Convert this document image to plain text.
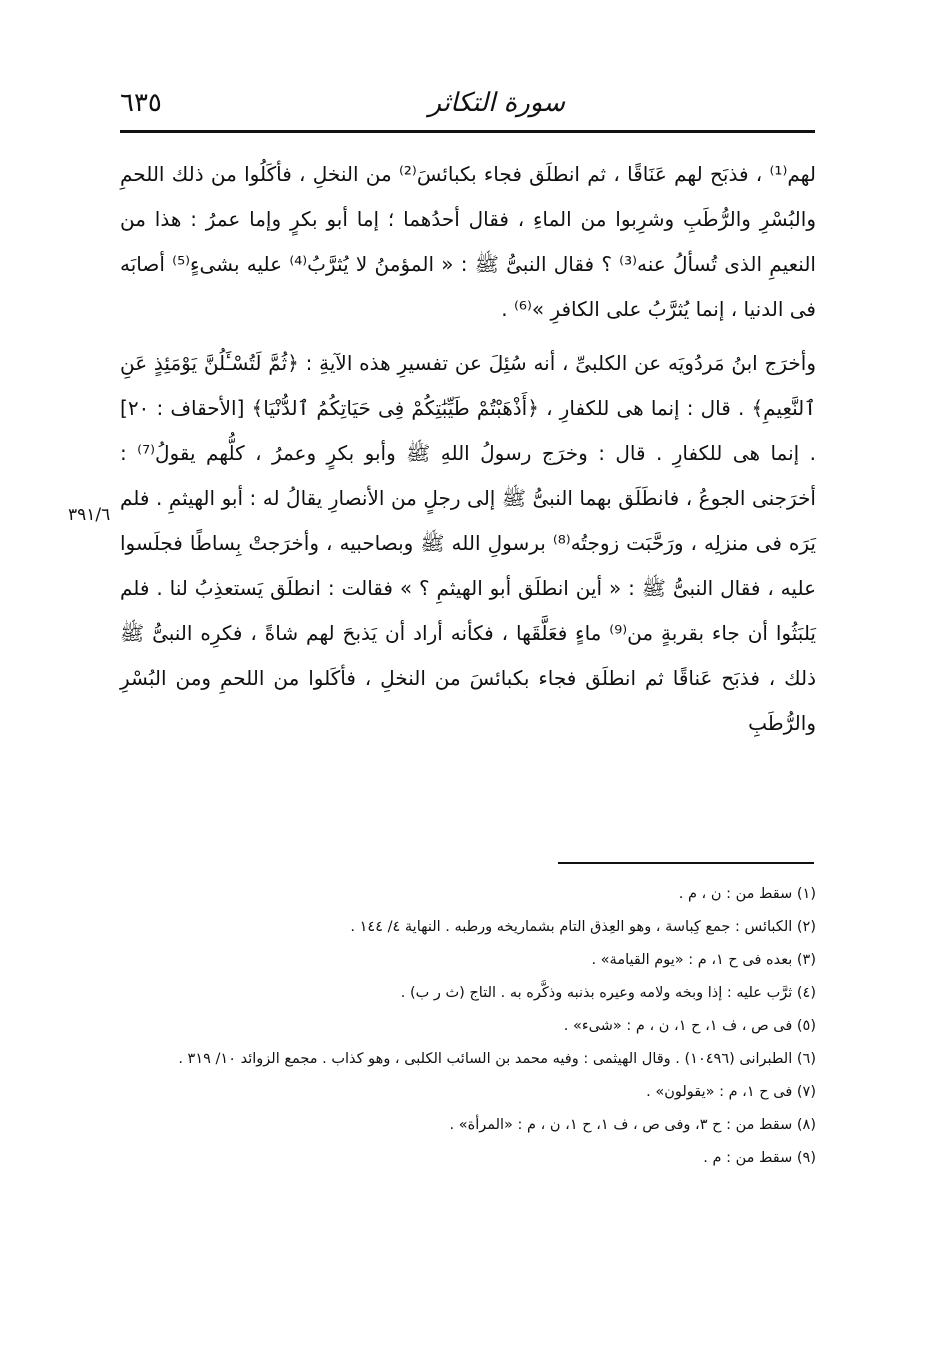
سورة التكاثر
٦٣٥

لهم⁽¹⁾ ، فذبَح لهم عَنَاقًا ، ثم انطلَق فجاء بكبائسَ⁽²⁾ من النخلِ ، فأكَلُوا من ذلك اللحمِ والبُسْرِ والرُّطَبِ وشرِبوا من الماءِ ، فقال أحدُهما ؛ إما أبو بكرٍ وإما عمرُ : هذا من النعيمِ الذى تُسألُ عنه⁽³⁾ ؟ فقال النبىُّ ﷺ : « المؤمنُ لا يُثرَّبُ⁽⁴⁾ عليه بشىءٍ⁽⁵⁾ أصابَه فى الدنيا ، إنما يُثرَّبُ على الكافرِ »⁽⁶⁾ .

وأخرَج ابنُ مَردُويَه عن الكلبىِّ ، أنه سُئِلَ عن تفسيرِ هذه الآيةِ : ﴿ثُمَّ لَتُسْـَٔلُنَّ يَوْمَئِذٍ عَنِ ٱلنَّعِيمِ﴾ . قال : إنما هى للكفارِ ، ﴿أَذْهَبْتُمْ طَيِّبَٰتِكُمْ فِى حَيَاتِكُمُ ٱلدُّنْيَا﴾ [الأحقاف : ٢٠] . إنما هى للكفارِ . قال : وخرَج رسولُ اللهِ ﷺ وأبو بكرٍ وعمرُ ، كلُّهم يقولُ⁽⁷⁾ : أخرَجنى الجوعُ ، فانطَلَق بهما النبىُّ ﷺ إلى رجلٍ من الأنصارِ يقالُ له : أبو الهيثمِ . فلم يَرَه فى منزلِه ، ورَحَّبَت زوجتُه⁽⁸⁾ برسولِ الله ﷺ وبصاحبيه ، وأخرَجتْ بِساطًا فجلَسوا عليه ، فقال النبىُّ ﷺ : « أين انطلَق أبو الهيثمِ ؟ » فقالت : انطلَق يَستعذِبُ لنا . فلم يَلبَثُوا أن جاء بقربةٍ من⁽⁹⁾ ماءٍ فعَلَّقَها ، فكأنه أراد أن يَذبحَ لهم شاةً ، فكرِه النبىُّ ﷺ ذلك ، فذبَح عَناقًا ثم انطلَق فجاء بكبائسَ من النخلِ ، فأكَلوا من اللحمِ ومن البُسْرِ والرُّطَبِ

٣٩١/٦
(١) سقط من : ن ، م .
(٢) الكبائس : جمع كِباسة ، وهو العِذق التام بشماريخه ورطبه . النهاية ٤/ ١٤٤ .
(٣) بعده فى ح ١، م : «يوم القيامة» .
(٤) ثرَّب عليه : إذا وبخه ولامه وعيره بذنبه وذكَّره به . التاج (ث ر ب) .
(٥) فى ص ، ف ١، ح ١، ن ، م : «شىء» .
(٦) الطبرانى (١٠٤٩٦) . وقال الهيثمى : وفيه محمد بن السائب الكلبى ، وهو كذاب . مجمع الزوائد ١٠/ ٣١٩ .
(٧) فى ح ١، م : «يقولون» .
(٨) سقط من : ح ٣، وفى ص ، ف ١، ح ١، ن ، م : «المرأة» .
(٩) سقط من : م .
